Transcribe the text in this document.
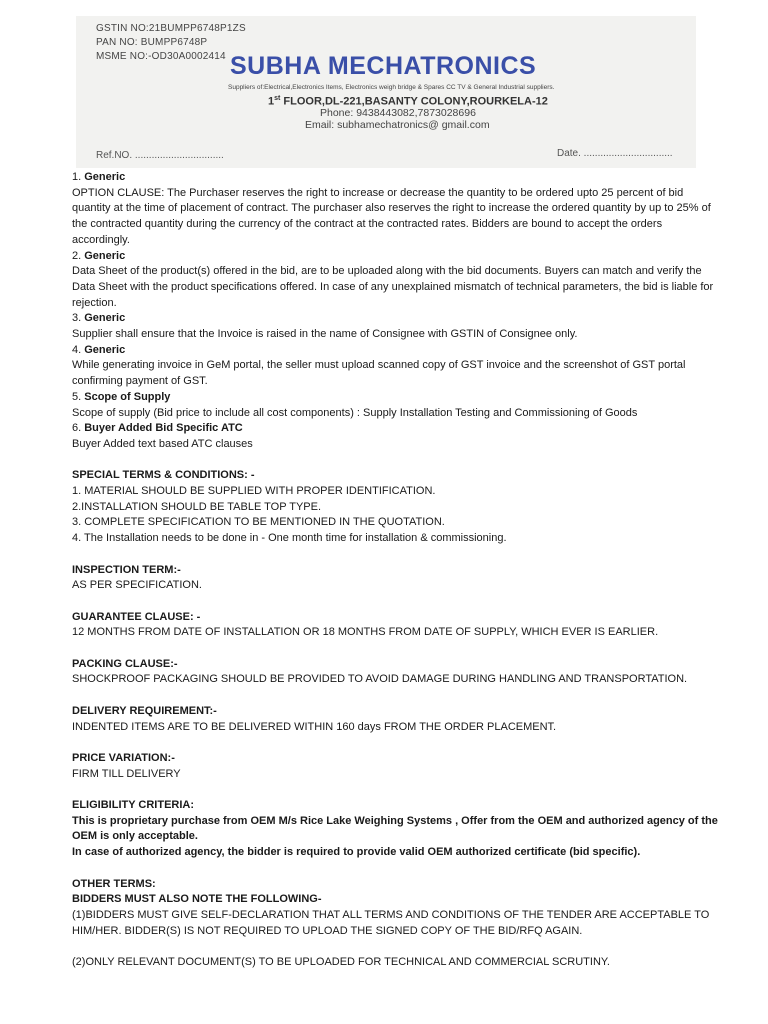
GSTIN NO:21BUMPP6748P1ZS
PAN NO: BUMPP6748P
MSME NO:-OD30A0002414 SUBHA MECHATRONICS
Suppliers of:Electrical,Electronics Items, Electronics weigh bridge & Spares CC TV & General Industrial suppliers.
1st FLOOR,DL-221,BASANTY COLONY,ROURKELA-12
Phone: 9438443082,7873028696
Email: subhamechatronics@ gmail.com
Ref.NO. ................................	Date. ................................

1. Generic

OPTION CLAUSE: The Purchaser reserves the right to increase or decrease the quantity to be ordered upto 25 percent of bid quantity at the time of placement of contract. The purchaser also reserves the right to increase the ordered quantity by up to 25% of the contracted quantity during the currency of the contract at the contracted rates. Bidders are bound to accept the orders accordingly.

2. Generic

Data Sheet of the product(s) offered in the bid, are to be uploaded along with the bid documents. Buyers can match and verify the Data Sheet with the product specifications offered. In case of any unexplained mismatch of technical parameters, the bid is liable for rejection.

3. Generic

Supplier shall ensure that the Invoice is raised in the name of Consignee with GSTIN of Consignee only.

4. Generic

While generating invoice in GeM portal, the seller must upload scanned copy of GST invoice and the screenshot of GST portal confirming payment of GST.

5. Scope of Supply

Scope of supply (Bid price to include all cost components) : Supply Installation Testing and Commissioning of Goods

6. Buyer Added Bid Specific ATC

Buyer Added text based ATC clauses

SPECIAL TERMS & CONDITIONS: -

1. MATERIAL SHOULD BE SUPPLIED WITH PROPER IDENTIFICATION.

2.INSTALLATION SHOULD BE TABLE TOP TYPE.

3. COMPLETE SPECIFICATION TO BE MENTIONED IN THE QUOTATION.

4. The Installation needs to be done in - One month time for installation & commissioning.

INSPECTION TERM:-

AS PER SPECIFICATION.

GUARANTEE CLAUSE: -

12 MONTHS FROM DATE OF INSTALLATION OR 18 MONTHS FROM DATE OF SUPPLY, WHICH EVER IS EARLIER.

PACKING CLAUSE:-

SHOCKPROOF PACKAGING SHOULD BE PROVIDED TO AVOID DAMAGE DURING HANDLING AND TRANSPORTATION.

DELIVERY REQUIREMENT:-

INDENTED ITEMS ARE TO BE DELIVERED WITHIN 160 days FROM THE ORDER PLACEMENT.

PRICE VARIATION:-

FIRM TILL DELIVERY

ELIGIBILITY CRITERIA:

This is proprietary purchase from OEM M/s Rice Lake Weighing Systems , Offer from the OEM and authorized agency of the OEM is only acceptable.

In case of authorized agency, the bidder is required to provide valid OEM authorized certificate (bid specific).

OTHER TERMS:

BIDDERS MUST ALSO NOTE THE FOLLOWING-

(1)BIDDERS MUST GIVE SELF-DECLARATION THAT ALL TERMS AND CONDITIONS OF THE TENDER ARE ACCEPTABLE TO HIM/HER. BIDDER(S) IS NOT REQUIRED TO UPLOAD THE SIGNED COPY OF THE BID/RFQ AGAIN.

(2)ONLY RELEVANT DOCUMENT(S) TO BE UPLOADED FOR TECHNICAL AND COMMERCIAL SCRUTINY.
